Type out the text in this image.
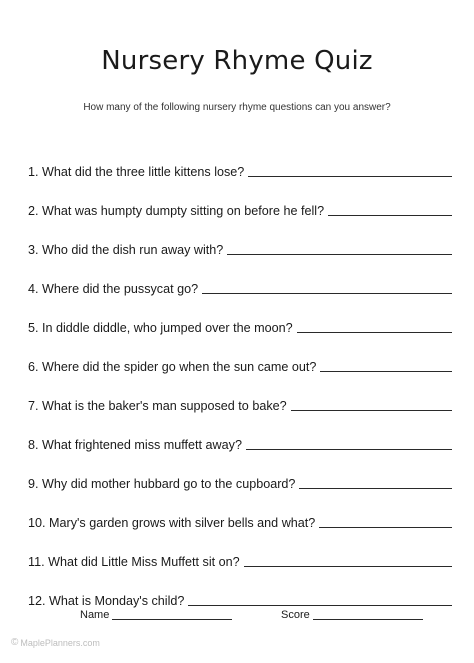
Nursery Rhyme Quiz
How many of the following nursery rhyme questions can you answer?
1. What did the three little kittens lose?
2. What was humpty dumpty sitting on before he fell?
3. Who did the dish run away with?
4. Where did the pussycat go?
5. In diddle diddle, who jumped over the moon?
6. Where did the spider go when the sun came out?
7. What is the baker's man supposed to bake?
8. What frightened miss muffett away?
9. Why did mother hubbard go to the cupboard?
10. Mary's garden grows with silver bells and what?
11. What did Little Miss Muffett sit on?
12. What is Monday's child?
Name	Score
© MaplePlanners.com
